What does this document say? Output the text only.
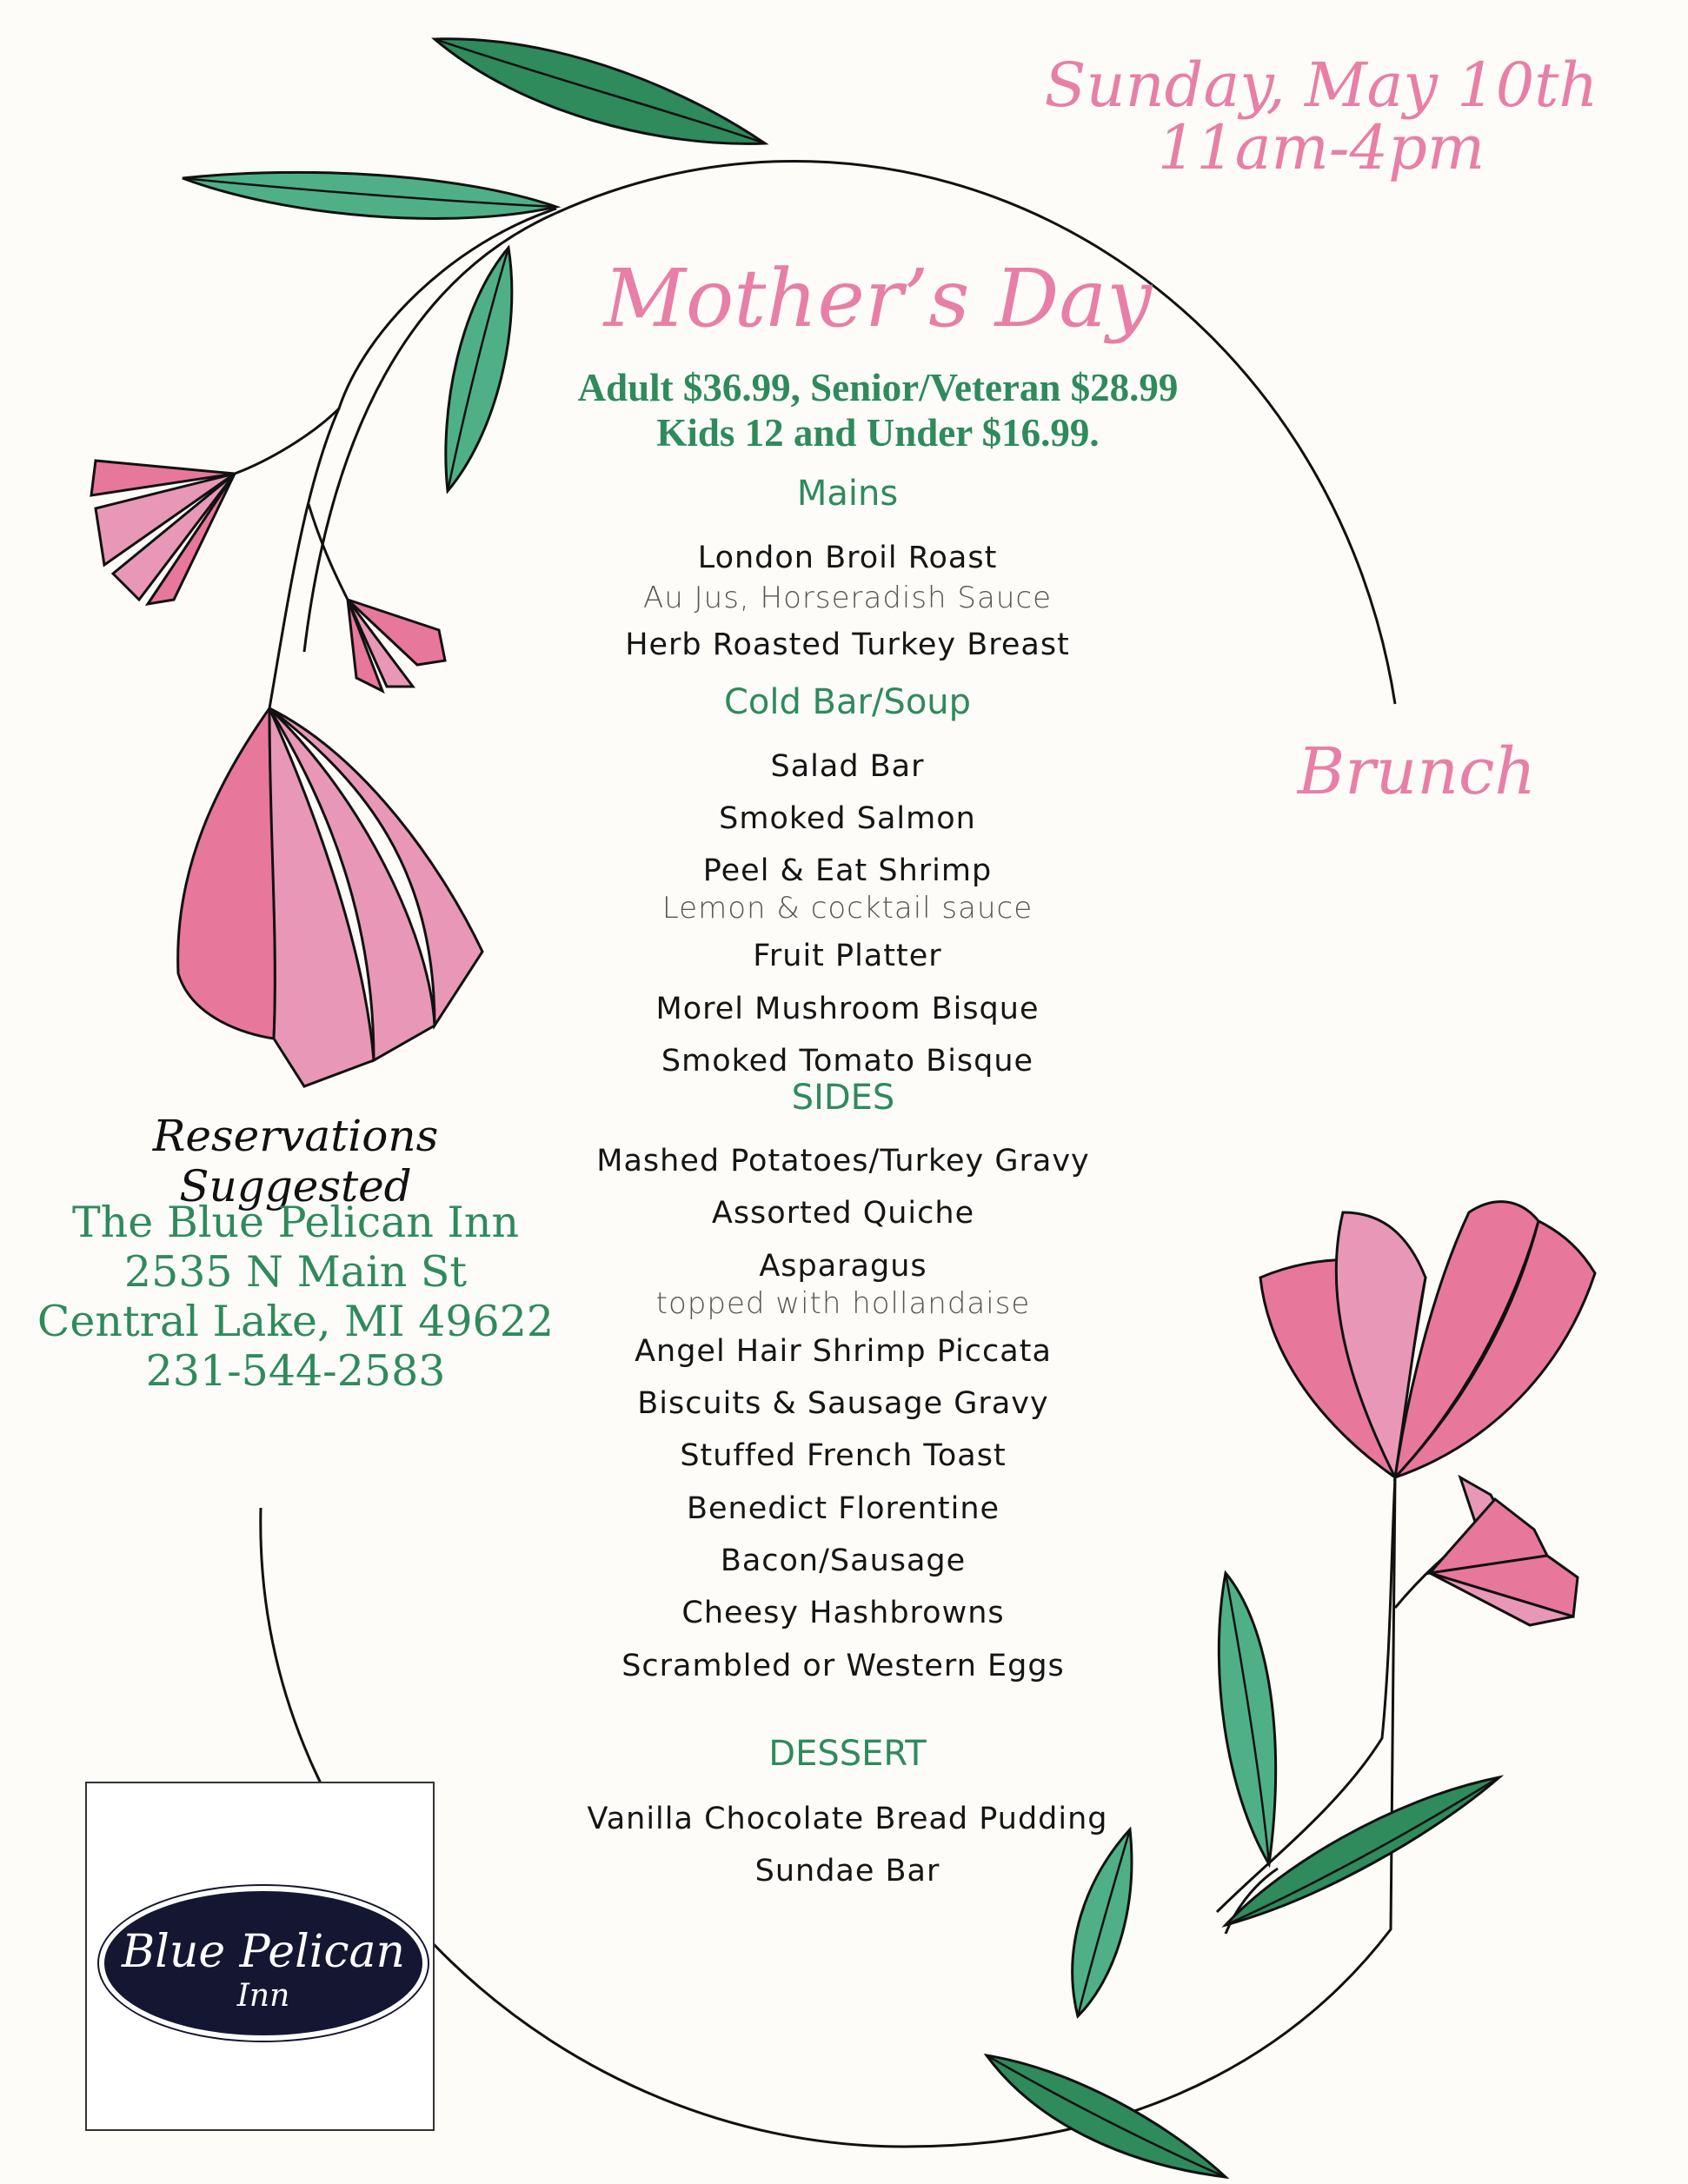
Sunday, May 10th
11am-4pm
Mother’s Day
Adult $36.99, Senior/Veteran $28.99
Kids 12 and Under $16.99.
Brunch
Mains
London Broil Roast
Au Jus, Horseradish Sauce
Herb Roasted Turkey Breast
Cold Bar/Soup
Salad Bar
Smoked Salmon
Peel & Eat Shrimp
Lemon & cocktail sauce
Fruit Platter
Morel Mushroom Bisque
Smoked Tomato Bisque
SIDES
Mashed Potatoes/Turkey Gravy
Assorted Quiche
Asparagus
topped with hollandaise
Angel Hair Shrimp Piccata
Biscuits & Sausage Gravy
Stuffed French Toast
Benedict Florentine
Bacon/Sausage
Cheesy Hashbrowns
Scrambled or Western Eggs
DESSERT
Vanilla Chocolate Bread Pudding
Sundae Bar
Reservations Suggested
The Blue Pelican Inn
2535 N Main St
Central Lake, MI 49622
231-544-2583
Blue Pelican
Inn
